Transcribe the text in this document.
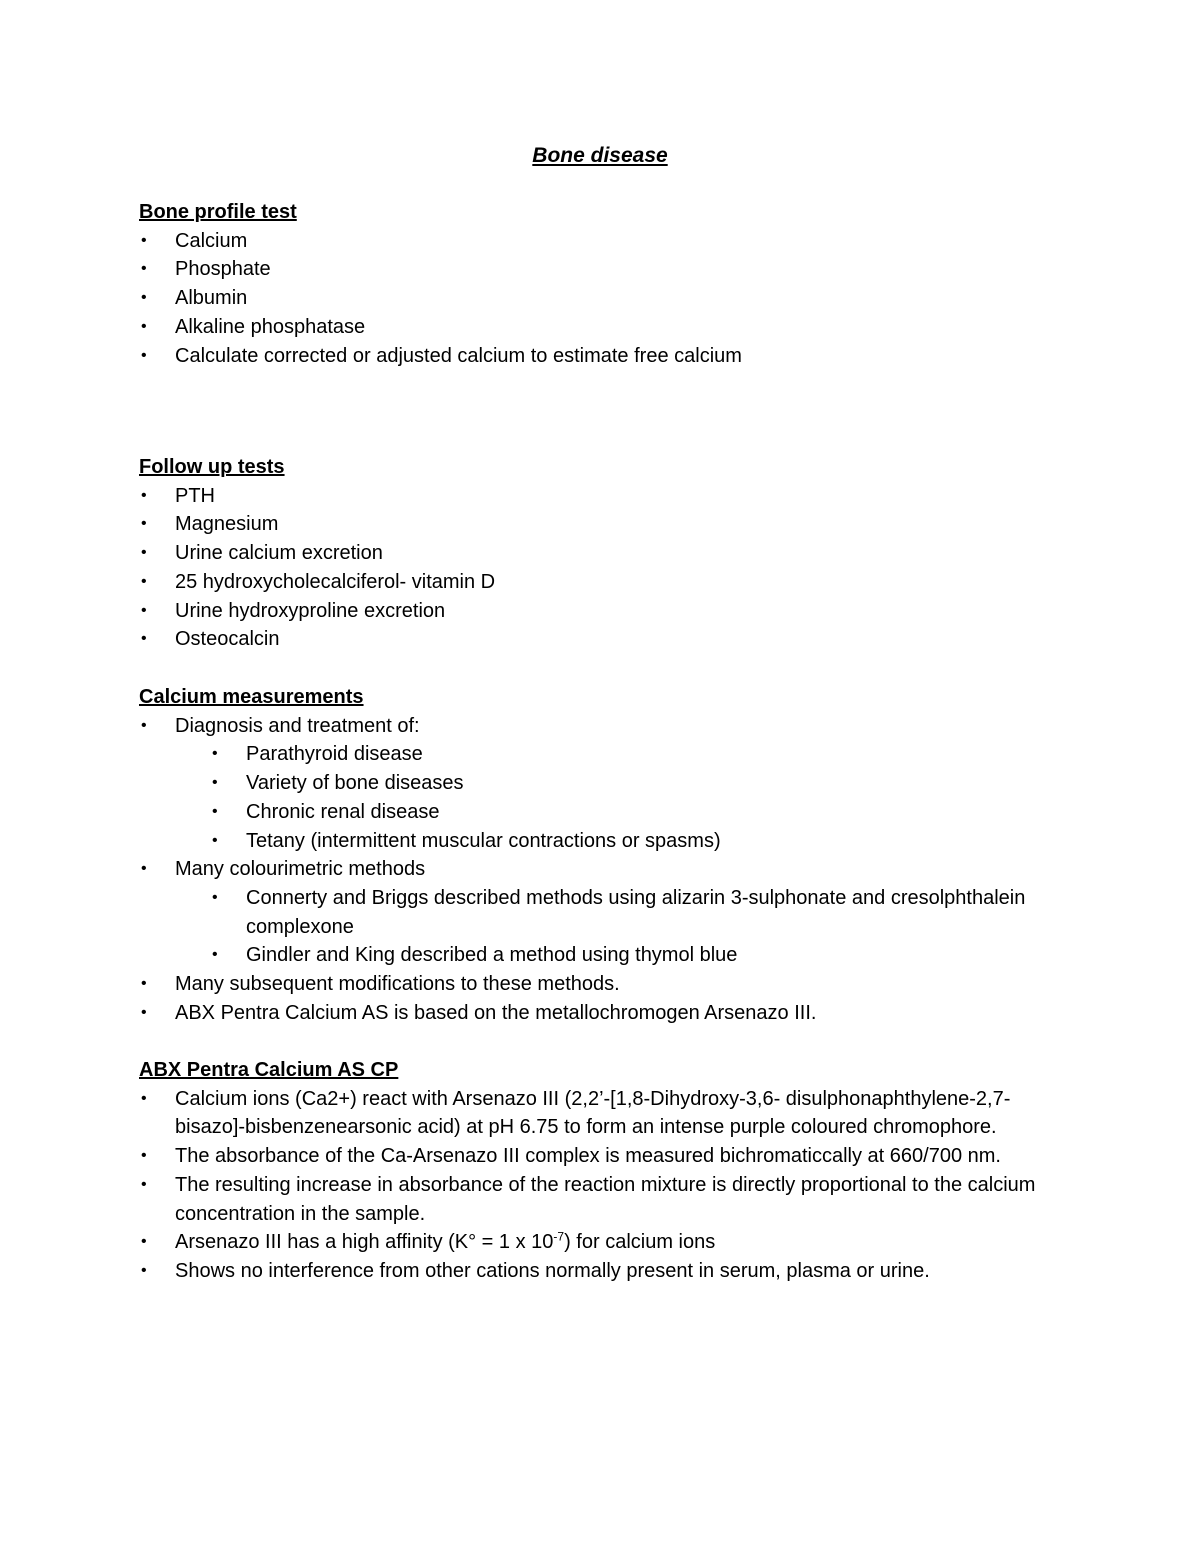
Bone disease
Bone profile test
• Calcium
• Phosphate
• Albumin
• Alkaline phosphatase
• Calculate corrected or adjusted calcium to estimate free calcium
Follow up tests
• PTH
• Magnesium
• Urine calcium excretion
• 25 hydroxycholecalciferol- vitamin D
• Urine hydroxyproline excretion
• Osteocalcin
Calcium measurements
• Diagnosis and treatment of:
• Parathyroid disease
• Variety of bone diseases
• Chronic renal disease
• Tetany (intermittent muscular contractions or spasms)
• Many colourimetric methods
• Connerty and Briggs described methods using alizarin 3-sulphonate and cresolphthalein complexone
• Gindler and King described a method using thymol blue
• Many subsequent modifications to these methods.
• ABX Pentra Calcium AS is based on the metallochromogen Arsenazo III.
ABX Pentra Calcium AS CP
• Calcium ions (Ca2+) react with Arsenazo III (2,2’-[1,8-Dihydroxy-3,6- disulphonaphthylene-2,7-bisazo]-bisbenzenearsonic acid) at pH 6.75 to form an intense purple coloured chromophore.
• The absorbance of the Ca-Arsenazo III complex is measured bichromaticcally at 660/700 nm.
• The resulting increase in absorbance of the reaction mixture is directly proportional to the calcium concentration in the sample.
• Arsenazo III has a high affinity (K° = 1 x $10^{-7}$) for calcium ions
• Shows no interference from other cations normally present in serum, plasma or urine.
